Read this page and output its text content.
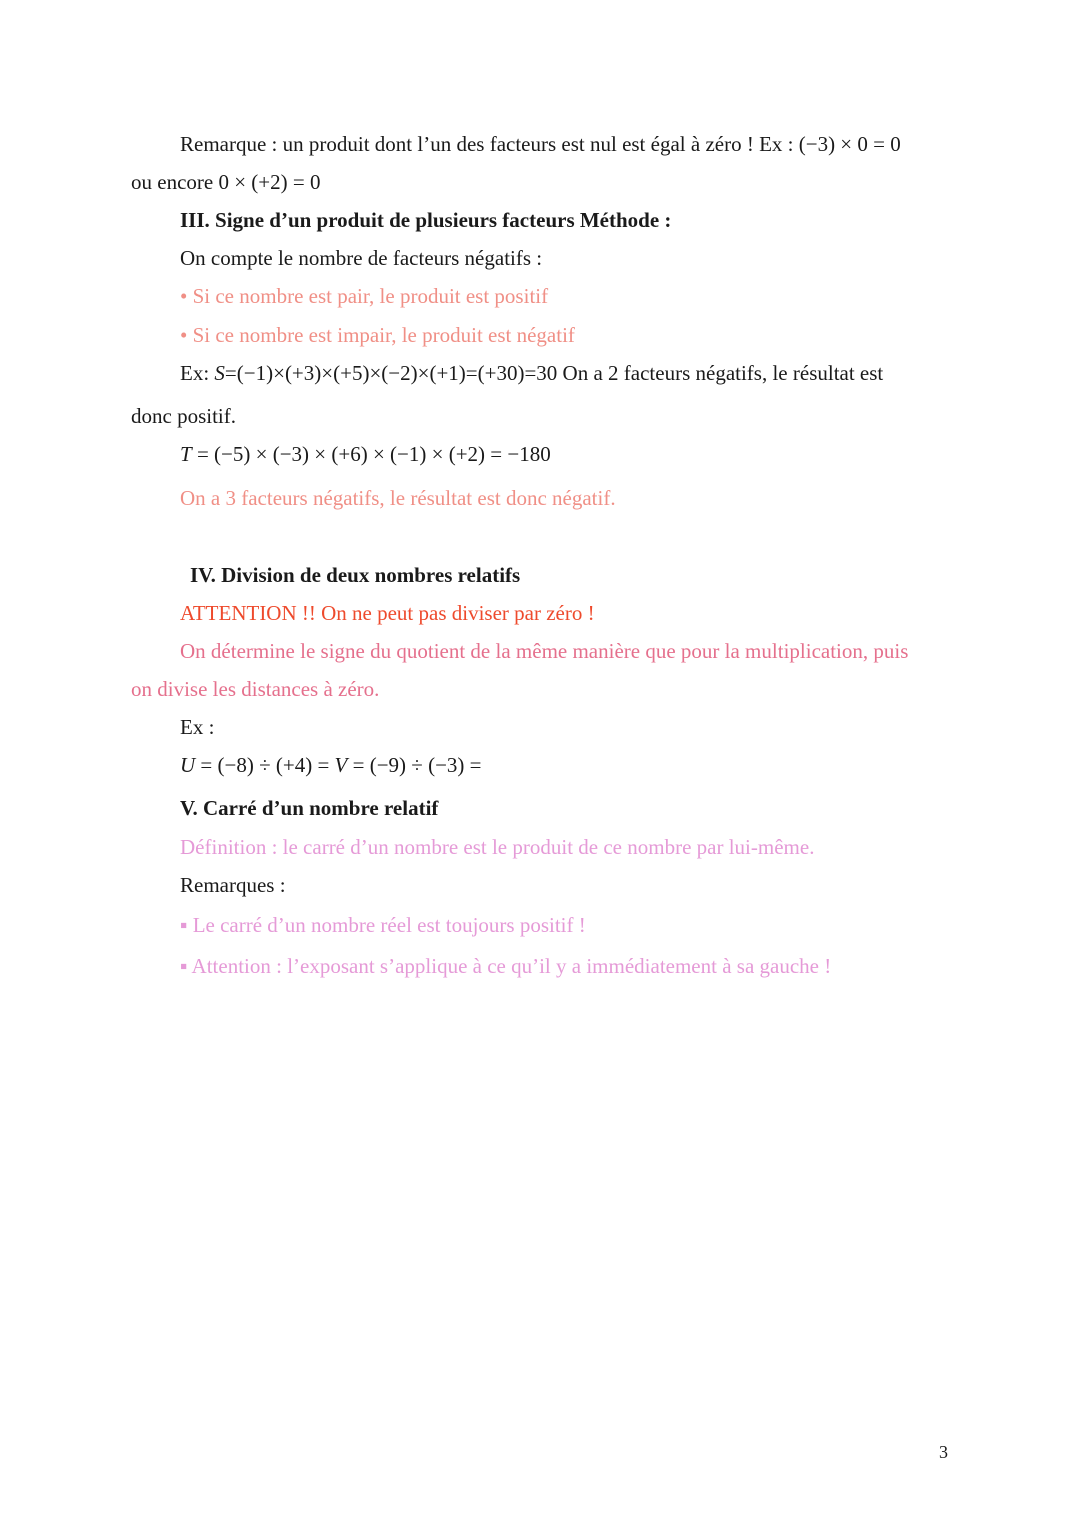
Remarque : un produit dont l’un des facteurs est nul est égal à zéro ! Ex : (−3) × 0 = 0
ou encore 0 × (+2) = 0
III. Signe d’un produit de plusieurs facteurs Méthode :
On compte le nombre de facteurs négatifs :
• Si ce nombre est pair, le produit est positif
• Si ce nombre est impair, le produit est négatif
Ex: S=(−1)×(+3)×(+5)×(−2)×(+1)=(+30)=30 On a 2 facteurs négatifs, le résultat est
donc positif.
T = (−5) × (−3) × (+6) × (−1) × (+2) = −180
On a 3 facteurs négatifs, le résultat est donc négatif.
IV. Division de deux nombres relatifs
ATTENTION !! On ne peut pas diviser par zéro !
On détermine le signe du quotient de la même manière que pour la multiplication, puis
on divise les distances à zéro.
Ex :
U = (−8) ÷ (+4) = V = (−9) ÷ (−3) =
V. Carré d’un nombre relatif
Définition : le carré d’un nombre est le produit de ce nombre par lui-même.
Remarques :
▪ Le carré d’un nombre réel est toujours positif !
▪ Attention : l’exposant s’applique à ce qu’il y a immédiatement à sa gauche !
3
